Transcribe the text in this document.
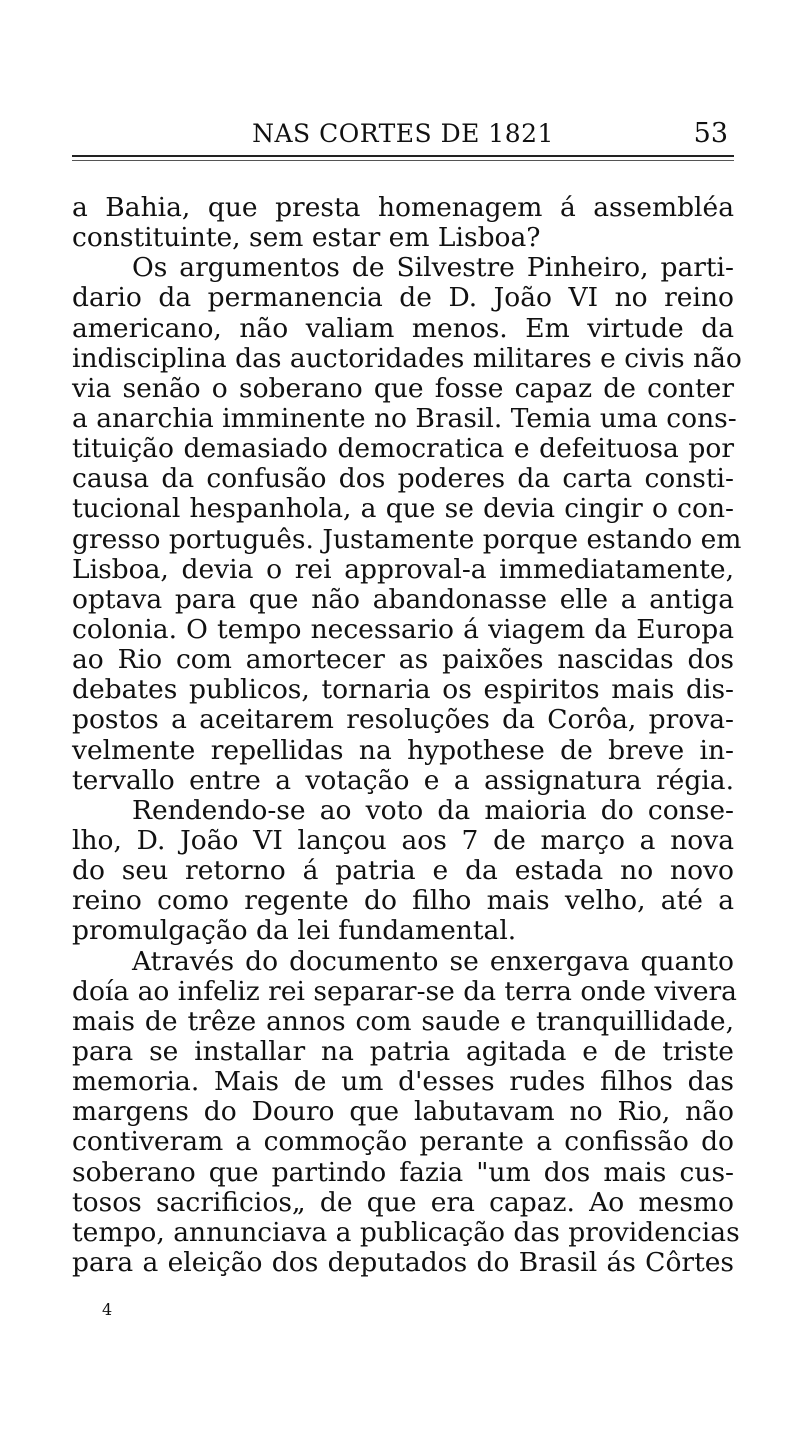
NAS CORTES DE 1821	53
a Bahia, que presta homenagem á assembléa
constituinte, sem estar em Lisboa?
Os argumentos de Silvestre Pinheiro, parti-
dario da permanencia de D. João VI no reino
americano, não valiam menos. Em virtude da
indisciplina das auctoridades militares e civis não
via senão o soberano que fosse capaz de conter
a anarchia imminente no Brasil. Temia uma cons-
tituição demasiado democratica e defeituosa por
causa da confusão dos poderes da carta consti-
tucional hespanhola, a que se devia cingir o con-
gresso português. Justamente porque estando em
Lisboa, devia o rei approval-a immediatamente,
optava para que não abandonasse elle a antiga
colonia. O tempo necessario á viagem da Europa
ao Rio com amortecer as paixões nascidas dos
debates publicos, tornaria os espiritos mais dis-
postos a aceitarem resoluções da Corôa, prova-
velmente repellidas na hypothese de breve in-
tervallo entre a votação e a assignatura régia.
Rendendo-se ao voto da maioria do conse-
lho, D. João VI lançou aos 7 de março a nova
do seu retorno á patria e da estada no novo
reino como regente do filho mais velho, até a
promulgação da lei fundamental.
Através do documento se enxergava quanto
doía ao infeliz rei separar-se da terra onde vivera
mais de trêze annos com saude e tranquillidade,
para se installar na patria agitada e de triste
memoria. Mais de um d'esses rudes filhos das
margens do Douro que labutavam no Rio, não
contiveram a commoção perante a confissão do
soberano que partindo fazia "um dos mais cus-
tosos sacrificios„ de que era capaz. Ao mesmo
tempo, annunciava a publicação das providencias
para a eleição dos deputados do Brasil ás Côrtes
4
